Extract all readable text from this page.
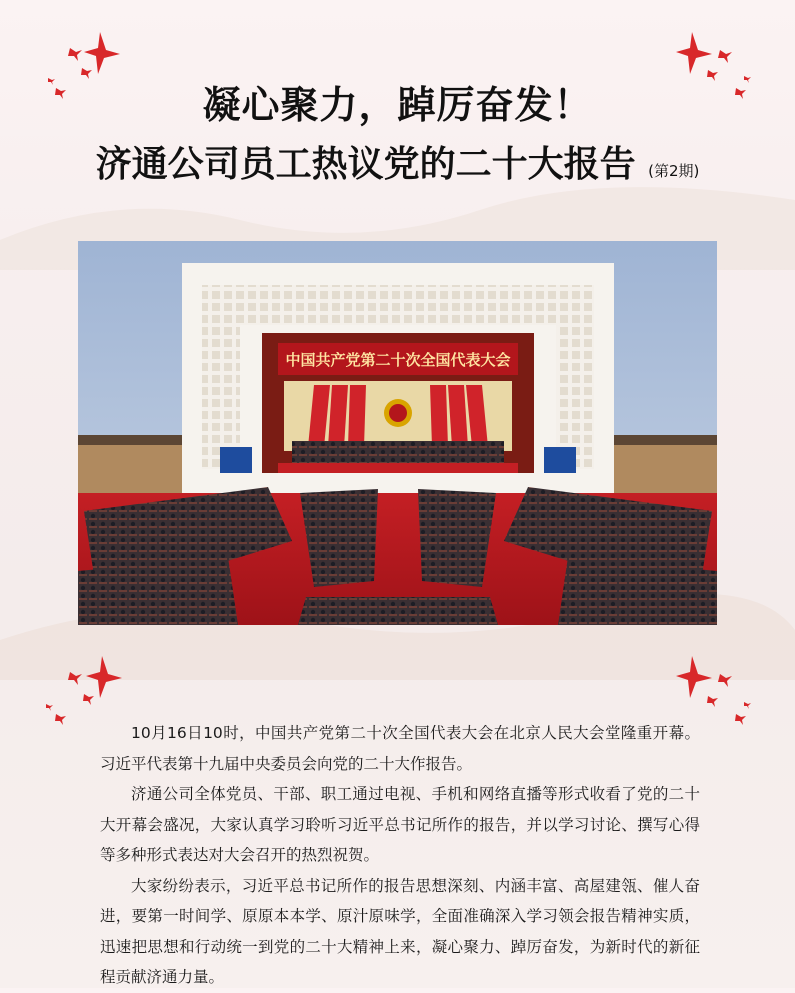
凝心聚力，踔厉奋发！
济通公司员工热议党的二十大报告 (第2期)
中国共产党第二十次全国代表大会

10月16日10时，中国共产党第二十次全国代表大会在北京人民大会堂隆重开幕。习近平代表第十九届中央委员会向党的二十大作报告。

济通公司全体党员、干部、职工通过电视、手机和网络直播等形式收看了党的二十大开幕会盛况，大家认真学习聆听习近平总书记所作的报告，并以学习讨论、撰写心得等多种形式表达对大会召开的热烈祝贺。

大家纷纷表示，习近平总书记所作的报告思想深刻、内涵丰富、高屋建瓴、催人奋进，要第一时间学、原原本本学、原汁原味学，全面准确深入学习领会报告精神实质，迅速把思想和行动统一到党的二十大精神上来，凝心聚力、踔厉奋发，为新时代的新征程贡献济通力量。
